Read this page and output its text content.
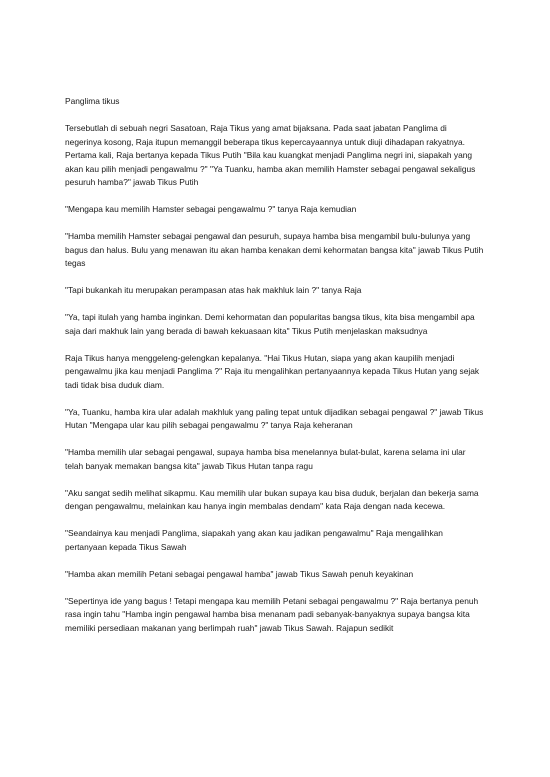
Panglima tikus

Tersebutlah di sebuah negri Sasatoan, Raja Tikus yang amat bijaksana. Pada saat jabatan Panglima di negerinya kosong, Raja itupun memanggil beberapa tikus kepercayaannya untuk diuji dihadapan rakyatnya. Pertama kali, Raja bertanya kepada Tikus Putih "Bila kau kuangkat menjadi Panglima negri ini, siapakah yang akan kau pilih menjadi pengawalmu ?" "Ya Tuanku, hamba akan memilih Hamster sebagai pengawal sekaligus pesuruh hamba?" jawab Tikus Putih

"Mengapa kau memilih Hamster sebagai pengawalmu ?" tanya Raja kemudian

"Hamba memilih Hamster sebagai pengawal dan pesuruh, supaya hamba bisa mengambil bulu-bulunya yang bagus dan halus. Bulu yang menawan itu akan hamba kenakan demi kehormatan bangsa kita" jawab Tikus Putih tegas

"Tapi bukankah itu merupakan perampasan atas hak makhluk lain ?" tanya Raja

"Ya, tapi itulah yang hamba inginkan. Demi kehormatan dan popularitas bangsa tikus, kita bisa mengambil apa saja dari makhuk lain yang berada di bawah kekuasaan kita" Tikus Putih menjelaskan maksudnya

Raja Tikus hanya menggeleng-gelengkan kepalanya. "Hai Tikus Hutan, siapa yang akan kaupilih menjadi pengawalmu jika kau menjadi Panglima ?" Raja itu mengalihkan pertanyaannya kepada Tikus Hutan yang sejak tadi tidak bisa duduk diam.

"Ya, Tuanku, hamba kira ular adalah makhluk yang paling tepat untuk dijadikan sebagai pengawal ?" jawab Tikus Hutan "Mengapa ular kau pilih sebagai pengawalmu ?" tanya Raja keheranan

"Hamba memilih ular sebagai pengawal, supaya hamba bisa menelannya bulat-bulat, karena selama ini ular telah banyak memakan bangsa kita" jawab Tikus Hutan tanpa ragu

"Aku sangat sedih melihat sikapmu. Kau memilih ular bukan supaya kau bisa duduk, berjalan dan bekerja sama dengan pengawalmu, melainkan kau hanya ingin membalas dendam" kata Raja dengan nada kecewa.

"Seandainya kau menjadi Panglima, siapakah yang akan kau jadikan pengawalmu" Raja mengalihkan pertanyaan kepada Tikus Sawah

"Hamba akan memilih Petani sebagai pengawal hamba" jawab Tikus Sawah penuh keyakinan

"Sepertinya ide yang bagus ! Tetapi mengapa kau memilih Petani sebagai pengawalmu ?" Raja bertanya penuh rasa ingin tahu "Hamba ingin pengawal hamba bisa menanam padi sebanyak-banyaknya supaya bangsa kita memiliki persediaan makanan yang berlimpah ruah" jawab Tikus Sawah. Rajapun sedikit
